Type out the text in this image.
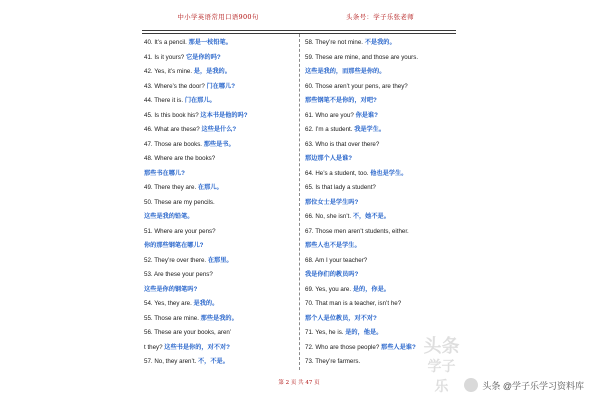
中小学英语常用口语900句	头条号：学子乐张老师
40. It’s a pencil. 那是一枝铅笔。
41. Is it yours? 它是你的吗?
42. Yes, it’s mine. 是，是我的。
43. Where’s the door? 门在哪儿?
44. There it is. 门在那儿。
45. Is this book his? 这本书是他的吗?
46. What are these? 这些是什么?
47. Those are books. 那些是书。
48. Where are the books?
那些书在哪儿?
49. There they are. 在那儿。
50. These are my pencils.
这些是我的铅笔。
51. Where are your pens?
你的那些钢笔在哪儿?
52. They’re over there. 在那里。
53. Are these your pens?
这些是你的钢笔吗?
54. Yes, they are. 是我的。
55. Those are mine. 那些是我的。
56. These are your books, aren’
t they? 这些书是你的，对不对?
57. No, they aren’t. 不，不是。
58. They’re not mine. 不是我的。
59. These are mine, and those are yours.
这些是我的，而那些是你的。
60. Those aren’t your pens, are they?
那些钢笔不是你的，对吧?
61. Who are you? 你是谁?
62. I’m a student. 我是学生。
63. Who is that over there?
那边那个人是谁?
64. He’s a student, too. 他也是学生。
65. Is that lady a student?
那位女士是学生吗?
66. No, she isn’t. 不，她不是。
67. Those men aren’t students, either.
那些人也不是学生。
68. Am I your teacher?
我是你们的教员吗?
69. Yes, you are. 是的，你是。
70. That man is a teacher, isn’t he?
那个人是位教员，对不对?
71. Yes, he is. 是的，他是。
72. Who are those people? 那些人是谁?
73. They’re farmers.
第 2 页 共 47 页
头条
学子乐	头条 @学子乐学习资料库
